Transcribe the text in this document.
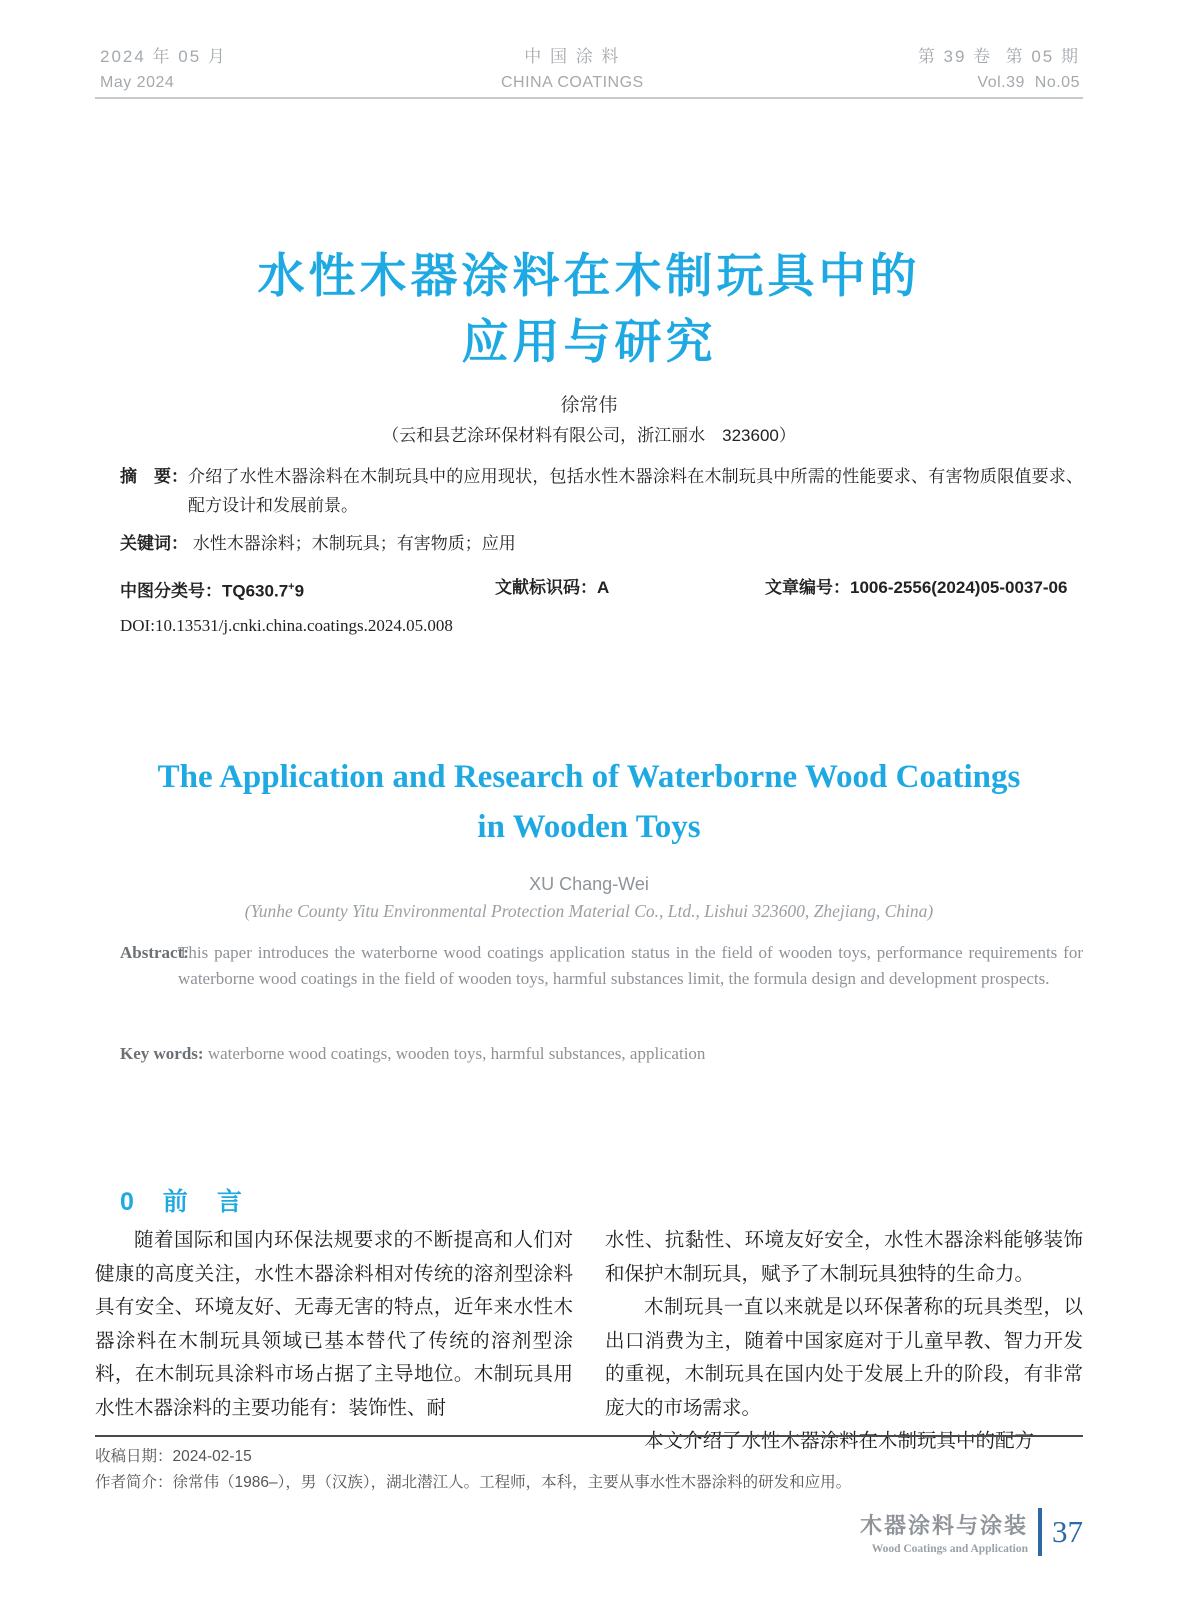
2024 年 05 月
May 2024
中 国 涂 料
CHINA COATINGS
第 39 卷  第 05 期
Vol.39  No.05
水性木器涂料在木制玩具中的
应用与研究
徐常伟
（云和县艺涂环保材料有限公司，浙江丽水　323600）
摘　要： 介绍了水性木器涂料在木制玩具中的应用现状，包括水性木器涂料在木制玩具中所需的性能要求、有害物质限值要求、配方设计和发展前景。
关键词： 水性木器涂料；木制玩具；有害物质；应用
中图分类号：TQ630.7+9	文献标识码：A	文章编号：1006-2556(2024)05-0037-06
DOI:10.13531/j.cnki.china.coatings.2024.05.008
The Application and Research of Waterborne Wood Coatings
in Wooden Toys
XU Chang-Wei
(Yunhe County Yitu Environmental Protection Material Co., Ltd., Lishui 323600, Zhejiang, China)
Abstract:
This paper introduces the waterborne wood coatings application status in the field of wooden toys, performance requirements for waterborne wood coatings in the field of wooden toys, harmful substances limit, the formula design and development prospects.
Key words: waterborne wood coatings, wooden toys, harmful substances, application
0　前　言

随着国际和国内环保法规要求的不断提高和人们对健康的高度关注，水性木器涂料相对传统的溶剂型涂料具有安全、环境友好、无毒无害的特点，近年来水性木器涂料在木制玩具领域已基本替代了传统的溶剂型涂料，在木制玩具涂料市场占据了主导地位。木制玩具用水性木器涂料的主要功能有：装饰性、耐

水性、抗黏性、环境友好安全，水性木器涂料能够装饰和保护木制玩具，赋予了木制玩具独特的生命力。

木制玩具一直以来就是以环保著称的玩具类型，以出口消费为主，随着中国家庭对于儿童早教、智力开发的重视，木制玩具在国内处于发展上升的阶段，有非常庞大的市场需求。

本文介绍了水性木器涂料在木制玩具中的配方

收稿日期：2024-02-15
作者简介：徐常伟（1986–），男（汉族），湖北潜江人。工程师，本科，主要从事水性木器涂料的研发和应用。
木器涂料与涂装
Wood Coatings and Application 37
